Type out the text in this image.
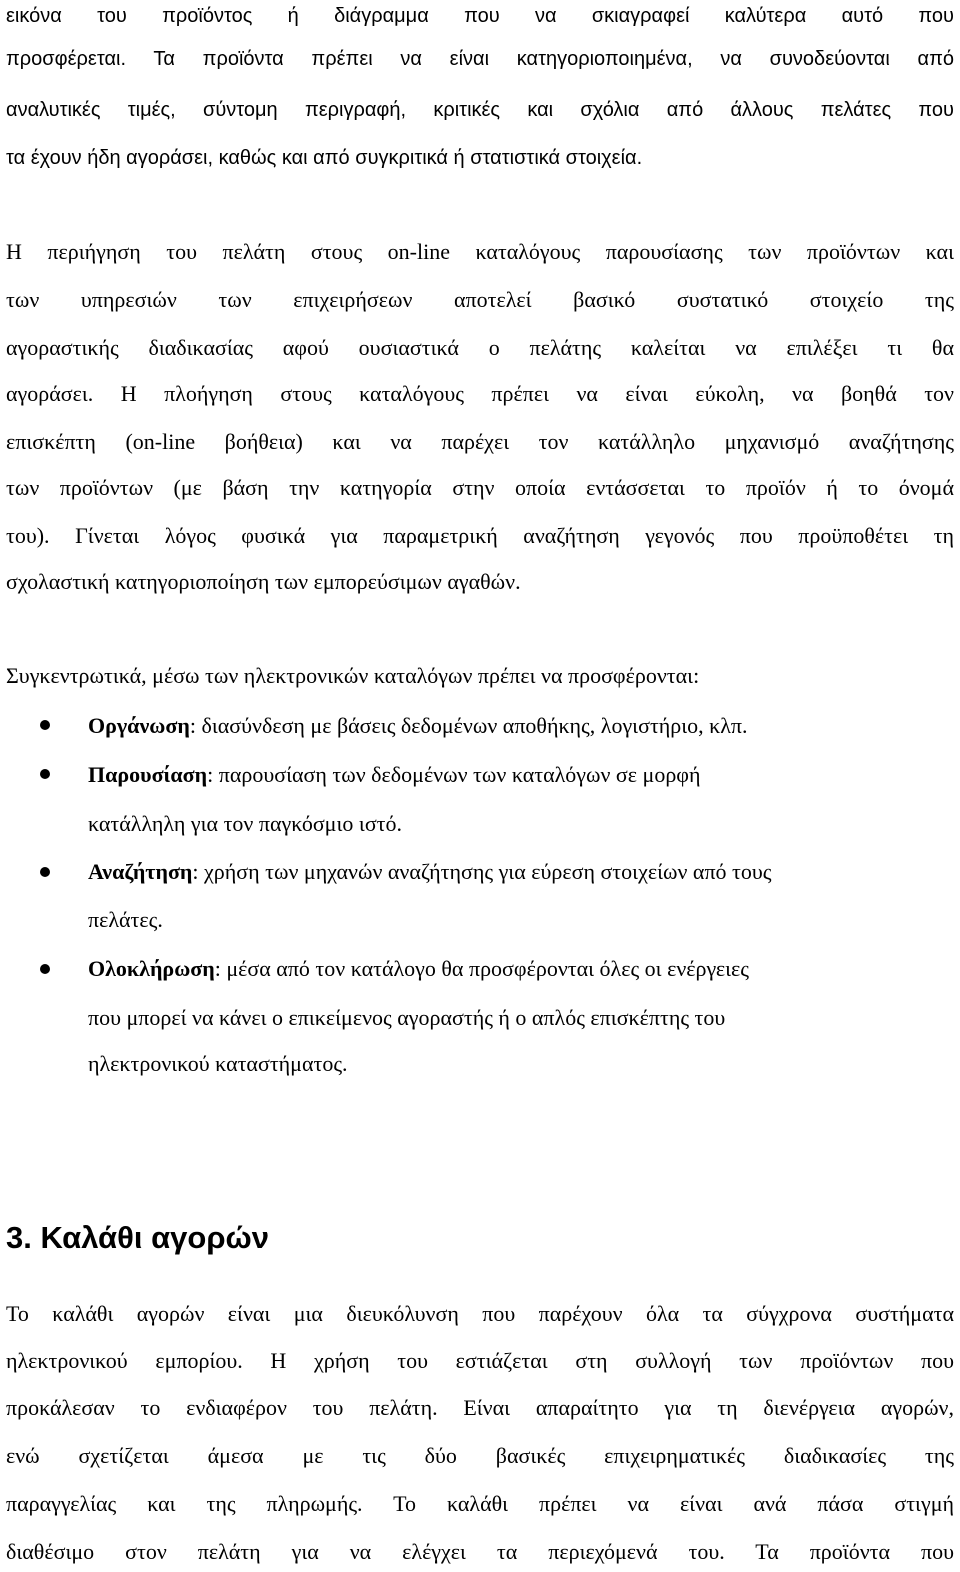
εικόνα του προϊόντος ή διάγραμμα που να σκιαγραφεί καλύτερα αυτό που

προσφέρεται. Τα προϊόντα πρέπει να είναι κατηγοριοποιημένα, να συνοδεύονται από

αναλυτικές τιμές, σύντομη περιγραφή, κριτικές και σχόλια από άλλους πελάτες που

τα έχουν ήδη αγοράσει, καθώς και από συγκριτικά ή στατιστικά στοιχεία.

Η περιήγηση του πελάτη στους on-line καταλόγους παρουσίασης των προϊόντων και

των υπηρεσιών των επιχειρήσεων αποτελεί βασικό συστατικό στοιχείο της

αγοραστικής διαδικασίας αφού ουσιαστικά ο πελάτης καλείται να επιλέξει τι θα

αγοράσει. Η πλοήγηση στους καταλόγους πρέπει να είναι εύκολη, να βοηθά τον

επισκέπτη (on-line βοήθεια) και να παρέχει τον κατάλληλο μηχανισμό αναζήτησης

των προϊόντων (με βάση την κατηγορία στην οποία εντάσσεται το προϊόν ή το όνομά

του). Γίνεται λόγος φυσικά για παραμετρική αναζήτηση γεγονός που προϋποθέτει τη

σχολαστική κατηγοριοποίηση των εμπορεύσιμων αγαθών.

Συγκεντρωτικά, μέσω των ηλεκτρονικών καταλόγων πρέπει να προσφέρονται:

Οργάνωση: διασύνδεση με βάσεις δεδομένων αποθήκης, λογιστήριο, κλπ.
Παρουσίαση: παρουσίαση των δεδομένων των καταλόγων σε μορφή
κατάλληλη για τον παγκόσμιο ιστό.
Αναζήτηση: χρήση των μηχανών αναζήτησης για εύρεση στοιχείων από τους
πελάτες.
Ολοκλήρωση: μέσα από τον κατάλογο θα προσφέρονται όλες οι ενέργειες
που μπορεί να κάνει ο επικείμενος αγοραστής ή ο απλός επισκέπτης του
ηλεκτρονικού καταστήματος.
3. Καλάθι αγορών

Το καλάθι αγορών είναι μια διευκόλυνση που παρέχουν όλα τα σύγχρονα συστήματα

ηλεκτρονικού εμπορίου. Η χρήση του εστιάζεται στη συλλογή των προϊόντων που

προκάλεσαν το ενδιαφέρον του πελάτη. Είναι απαραίτητο για τη διενέργεια αγορών,

ενώ σχετίζεται άμεσα με τις δύο βασικές επιχειρηματικές διαδικασίες της

παραγγελίας και της πληρωμής. Το καλάθι πρέπει να είναι ανά πάσα στιγμή

διαθέσιμο στον πελάτη για να ελέγχει τα περιεχόμενά του. Τα προϊόντα που
